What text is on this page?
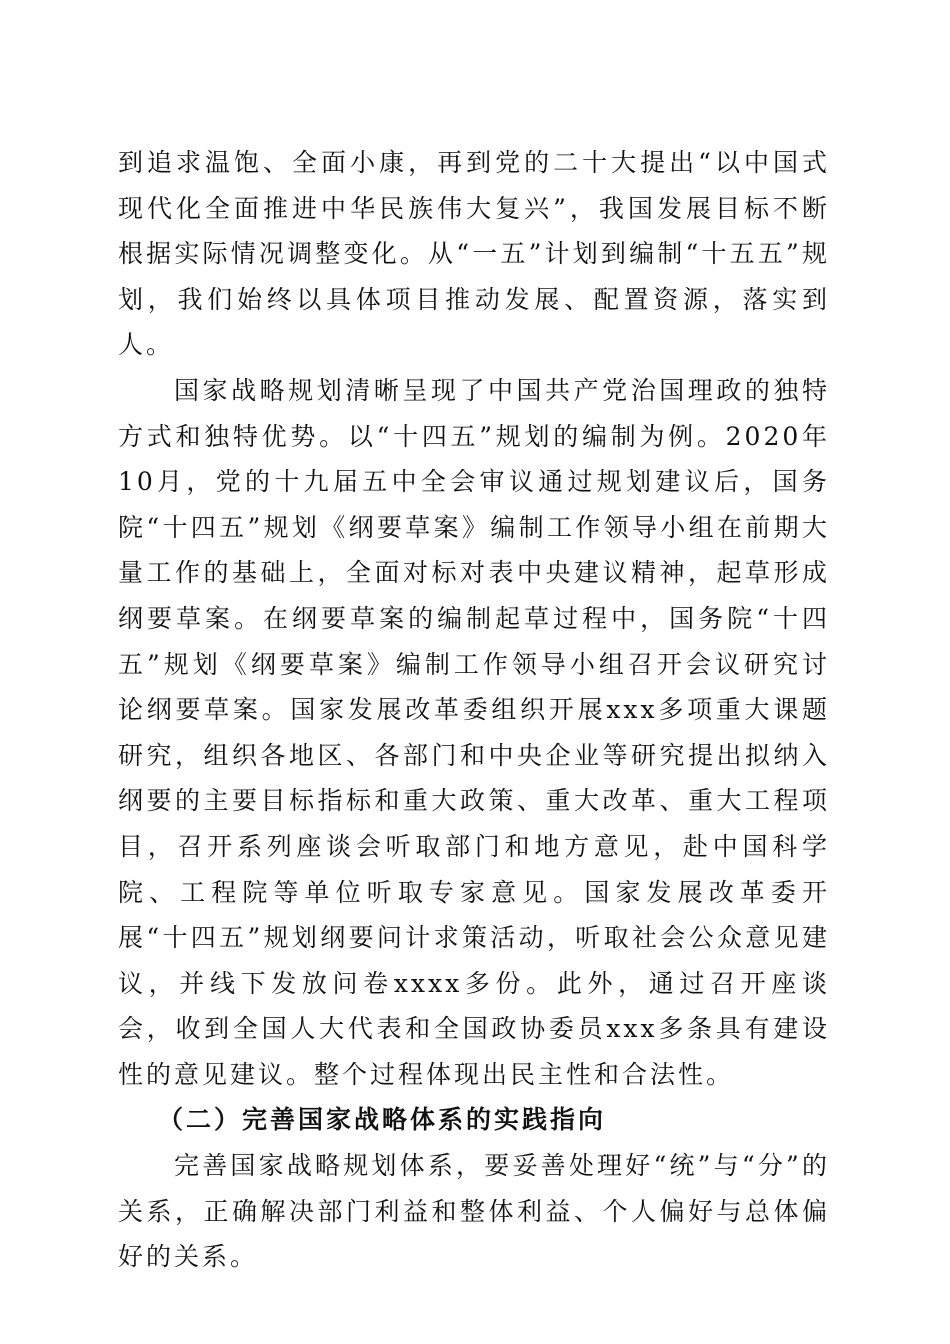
到追求温饱、全面小康，再到党的二十大提出“以中国式现代化全面推进中华民族伟大复兴”，我国发展目标不断根据实际情况调整变化。从“一五”计划到编制“十五五”规划，我们始终以具体项目推动发展、配置资源，落实到人。

国家战略规划清晰呈现了中国共产党治国理政的独特方式和独特优势。以“十四五”规划的编制为例。2020年10月，党的十九届五中全会审议通过规划建议后，国务院“十四五”规划《纲要草案》编制工作领导小组在前期大量工作的基础上，全面对标对表中央建议精神，起草形成纲要草案。在纲要草案的编制起草过程中，国务院“十四五”规划《纲要草案》编制工作领导小组召开会议研究讨论纲要草案。国家发展改革委组织开展xxx多项重大课题研究，组织各地区、各部门和中央企业等研究提出拟纳入纲要的主要目标指标和重大政策、重大改革、重大工程项目，召开系列座谈会听取部门和地方意见，赴中国科学院、工程院等单位听取专家意见。国家发展改革委开展“十四五”规划纲要问计求策活动，听取社会公众意见建议，并线下发放问卷xxxx多份。此外，通过召开座谈会，收到全国人大代表和全国政协委员xxx多条具有建设性的意见建议。整个过程体现出民主性和合法性。

（二）完善国家战略体系的实践指向

完善国家战略规划体系，要妥善处理好“统”与“分”的关系，正确解决部门利益和整体利益、个人偏好与总体偏好的关系。
